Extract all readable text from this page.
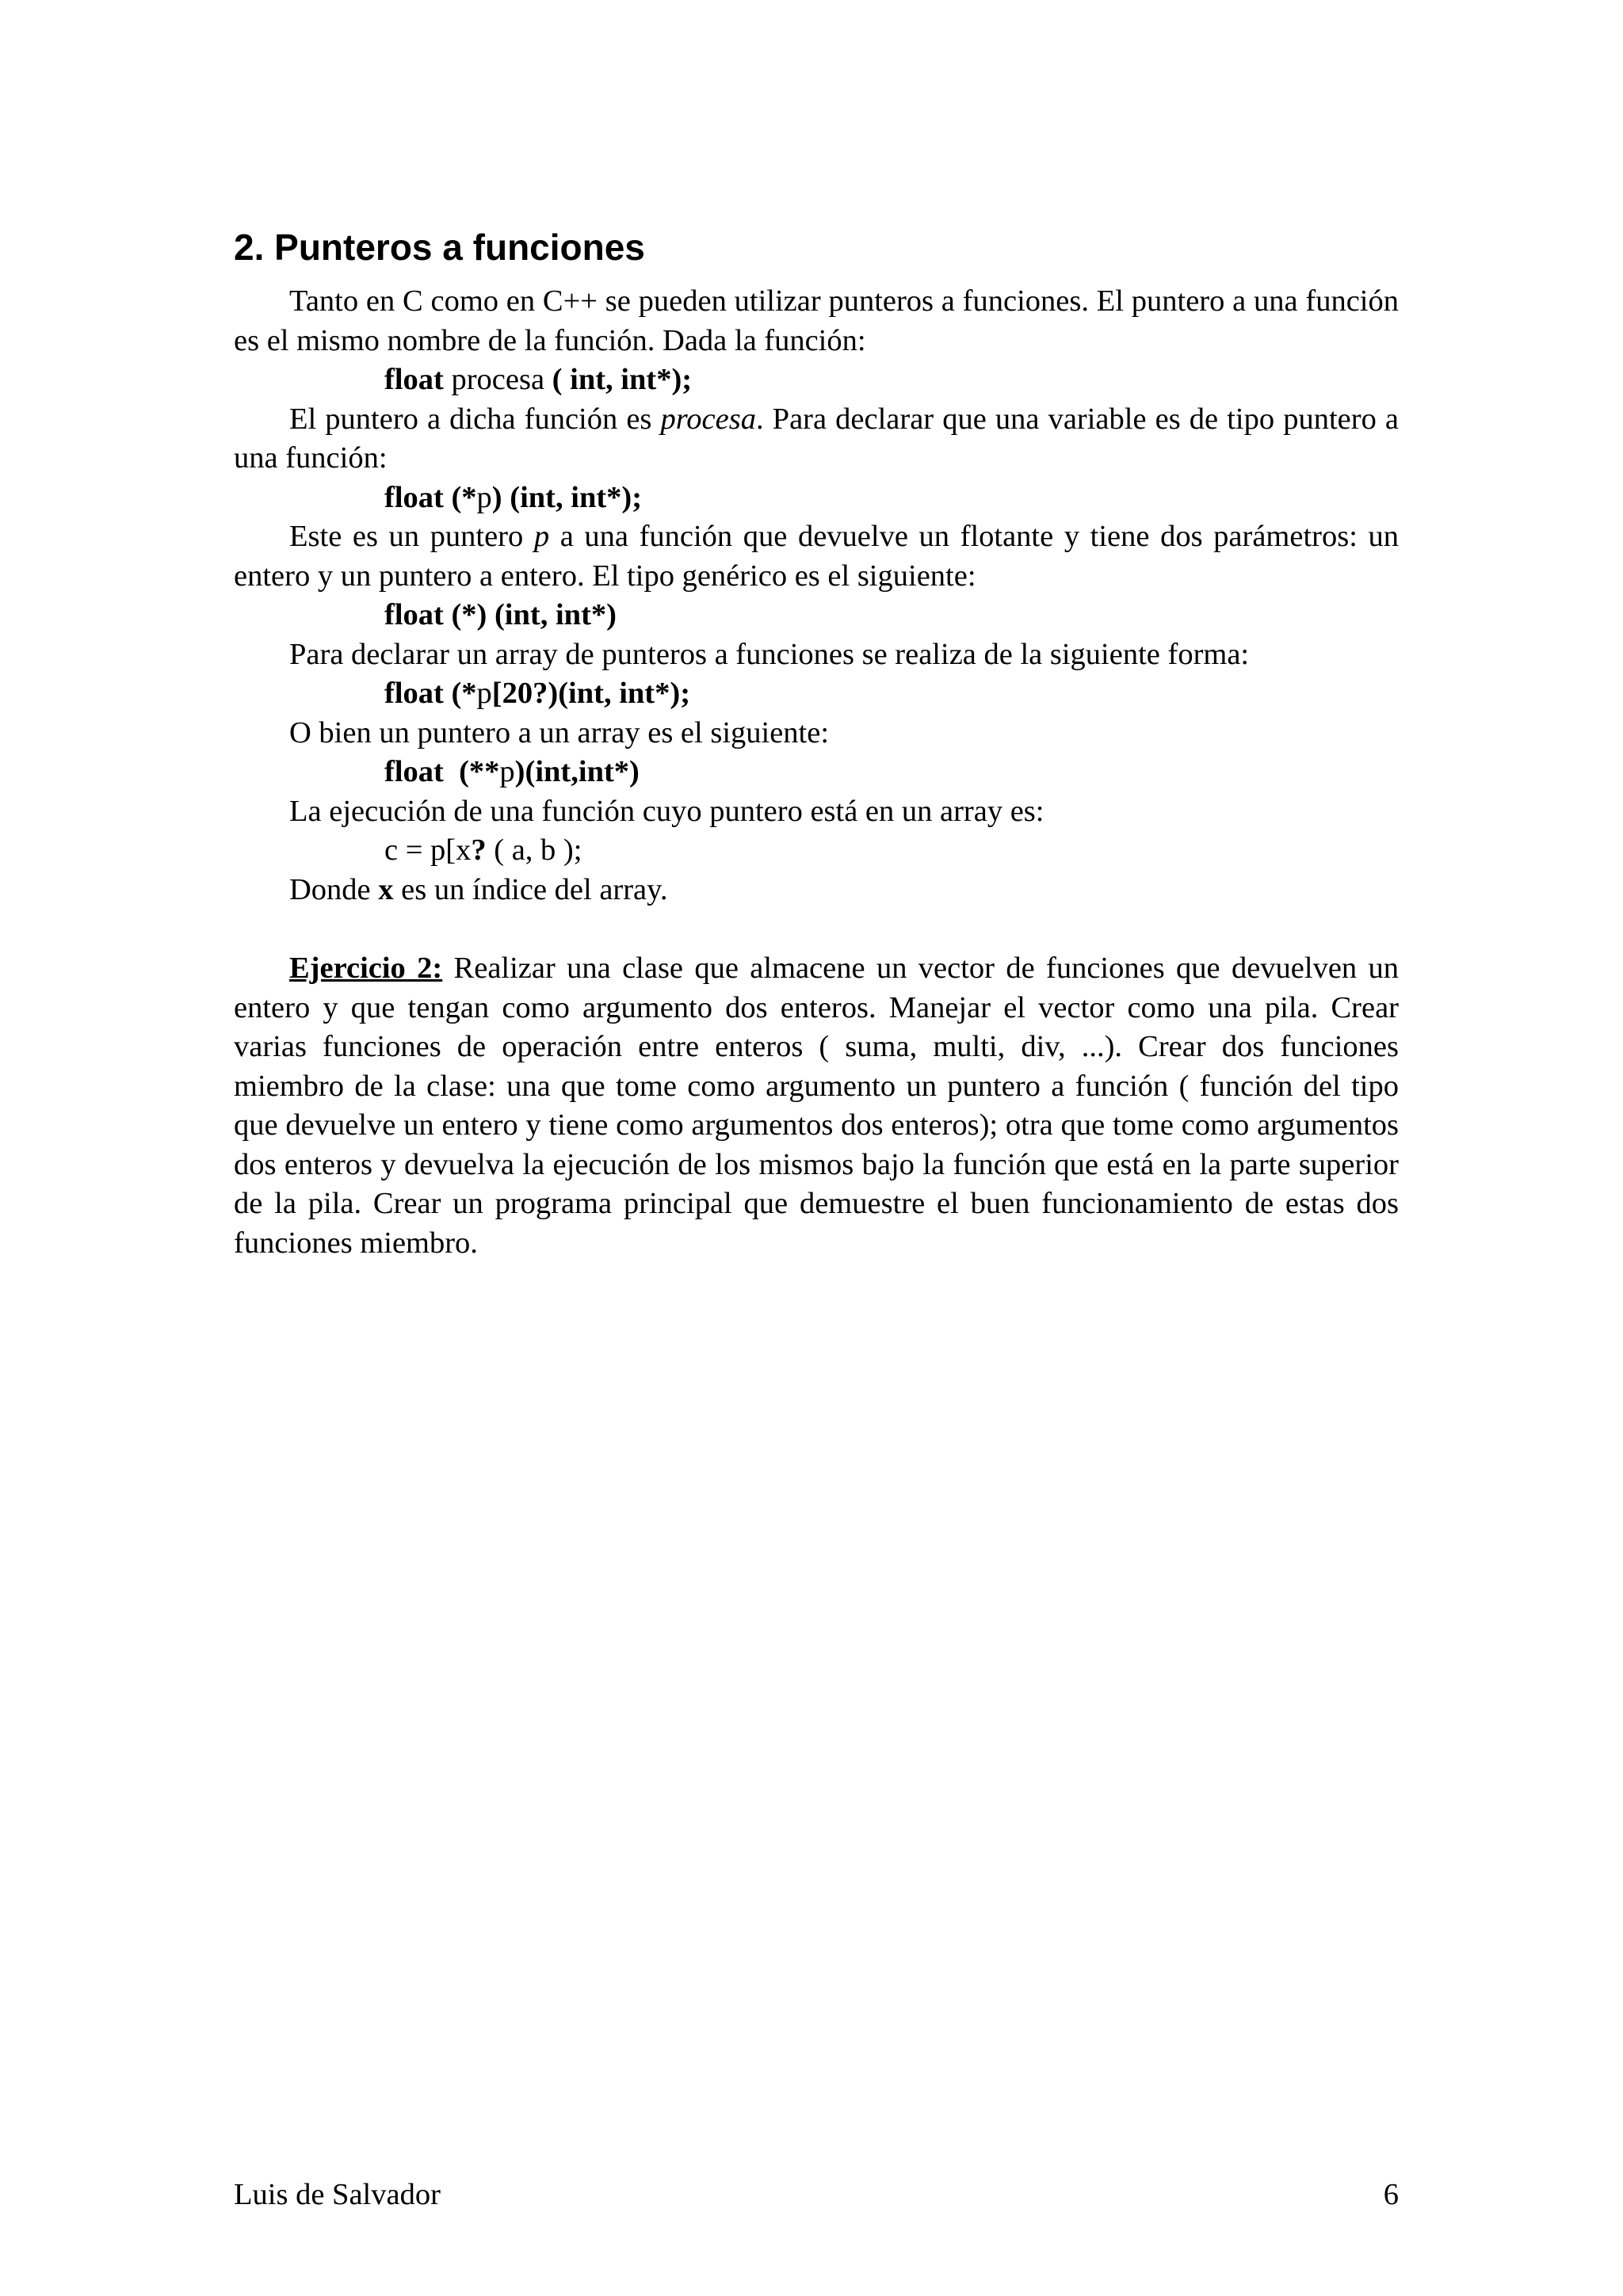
2. Punteros a funciones

Tanto en C como en C++ se pueden utilizar punteros a funciones. El puntero a una función es el mismo nombre de la función. Dada la función:

float procesa ( int, int*);

El puntero a dicha función es procesa. Para declarar que una variable es de tipo puntero a una función:

float (*p) (int, int*);

Este es un puntero p a una función que devuelve un flotante y tiene dos parámetros: un entero y un puntero a entero. El tipo genérico es el siguiente:

float (*) (int, int*)

Para declarar un array de punteros a funciones se realiza de la siguiente forma:

float (*p[20?)(int, int*);

O bien un puntero a un array es el siguiente:

float  (**p)(int,int*)

La ejecución de una función cuyo puntero está en un array es:

c = p[x? ( a, b );

Donde x es un índice del array.

Ejercicio 2: Realizar una clase que almacene un vector de funciones que devuelven un entero y que tengan como argumento dos enteros. Manejar el vector como una pila. Crear varias funciones de operación entre enteros ( suma, multi, div, ...). Crear dos funciones miembro de la clase: una que tome como argumento un puntero a función ( función del tipo que devuelve un entero y tiene como argumentos dos enteros); otra que tome como argumentos dos enteros y devuelva la ejecución de los mismos bajo la función que está en la parte superior de la pila. Crear un programa principal que demuestre el buen funcionamiento de estas dos funciones miembro.

Luis de Salvador	6
